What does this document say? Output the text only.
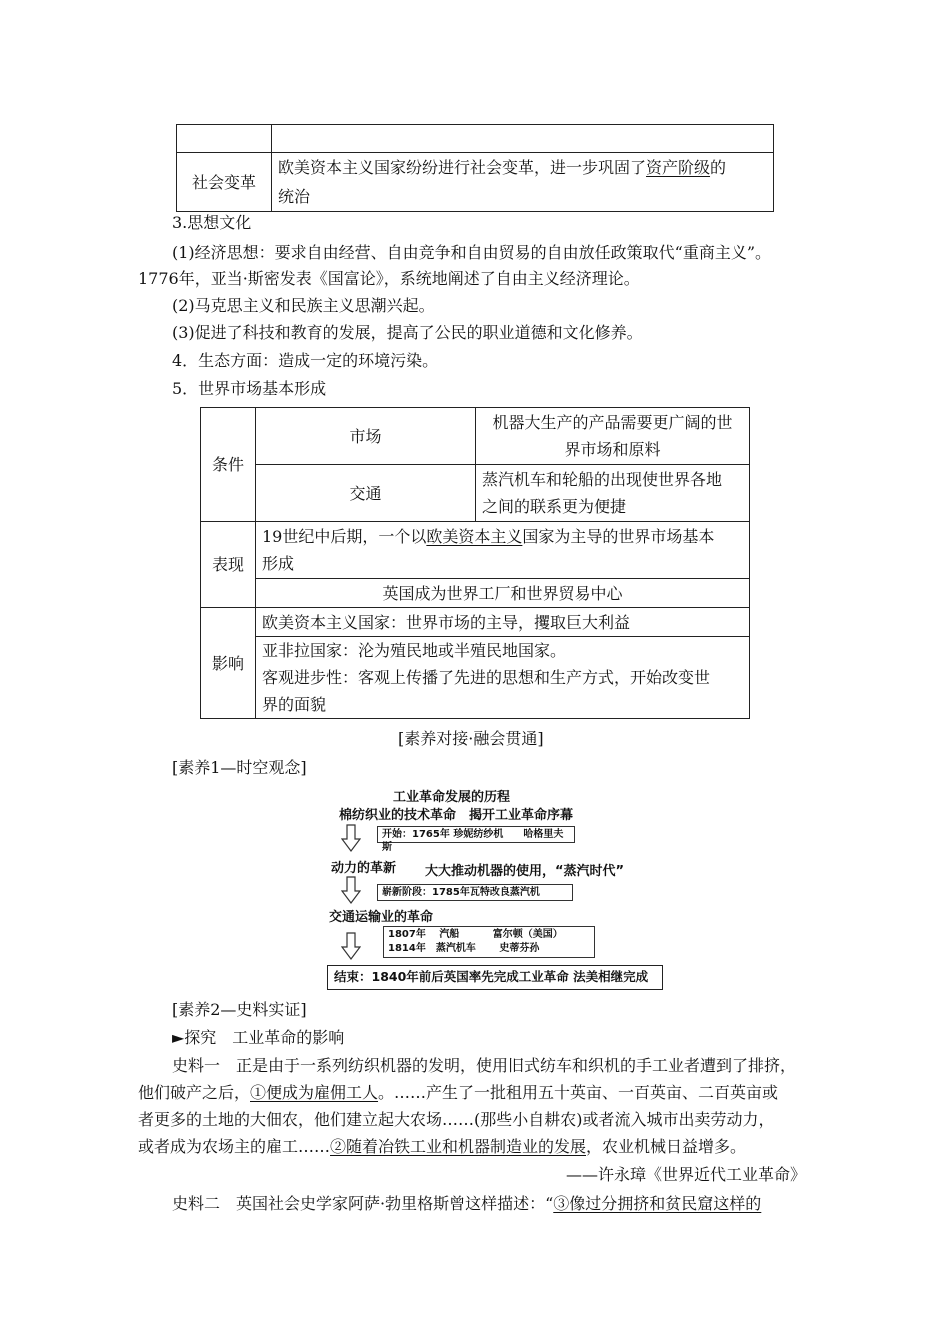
社会变革	欧美资本主义国家纷纷进行社会变革，进一步巩固了资产阶级的
统治
3.思想文化
(1)经济思想：要求自由经营、自由竞争和自由贸易的自由放任政策取代“重商主义”。
1776年，亚当·斯密发表《国富论》，系统地阐述了自由主义经济理论。
(2)马克思主义和民族主义思潮兴起。
(3)促进了科技和教育的发展，提高了公民的职业道德和文化修养。
4．生态方面：造成一定的环境污染。
5．世界市场基本形成
条件	市场	机器大生产的产品需要更广阔的世
界市场和原料
	交通	蒸汽机车和轮船的出现使世界各地
之间的联系更为便捷
表现	19世纪中后期，一个以欧美资本主义国家为主导的世界市场基本
形成	
	英国成为世界工厂和世界贸易中心	
影响	欧美资本主义国家：世界市场的主导，攫取巨大利益	
	亚非拉国家：沦为殖民地或半殖民地国家。
客观进步性：客观上传播了先进的思想和生产方式，开始改变世
界的面貌	
[素养对接·融会贯通]
[素养1—时空观念]
工业革命发展的历程
棉纺织业的技术革命　揭开工业革命序幕
开始：1765年 珍妮纺纱机　　哈格里夫斯
动力的革新 大大推动机器的使用，“蒸汽时代”
崭新阶段：1785年瓦特改良蒸汽机
交通运输业的革命
1807年　 汽船　　　 富尔顿（美国）
1814年　蒸汽机车　　 史蒂芬孙
结束：1840年前后英国率先完成工业革命 法美相继完成
[素养2—史料实证]
►探究　工业革命的影响
史料一　正是由于一系列纺织机器的发明，使用旧式纺车和织机的手工业者遭到了排挤，
他们破产之后，①便成为雇佣工人。……产生了一批租用五十英亩、一百英亩、二百英亩或
者更多的土地的大佃农，他们建立起大农场……(那些小自耕农)或者流入城市出卖劳动力，
或者成为农场主的雇工……②随着冶铁工业和机器制造业的发展，农业机械日益增多。
——许永璋《世界近代工业革命》
史料二　英国社会史学家阿萨·勃里格斯曾这样描述：“③像过分拥挤和贫民窟这样的
